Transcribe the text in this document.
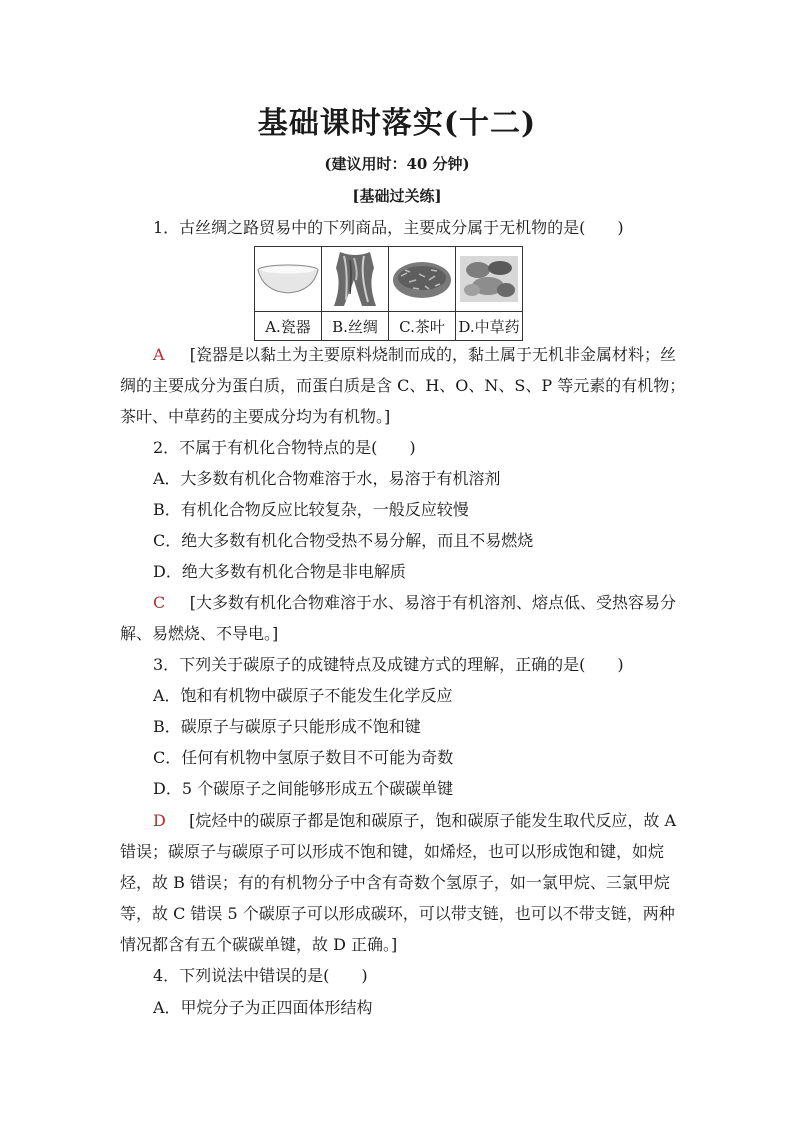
基础课时落实(十二)
(建议用时：40 分钟)
[基础过关练]
1．古丝绸之路贸易中的下列商品，主要成分属于无机物的是(　　)

A.瓷器	B.丝绸	C.茶叶	D.中草药
A	[瓷器是以黏土为主要原料烧制而成的，黏土属于无机非金属材料；丝
绸的主要成分为蛋白质，而蛋白质是含 C、H、O、N、S、P 等元素的有机物；
茶叶、中草药的主要成分均为有机物。]
2．不属于有机化合物特点的是(　　)
A．大多数有机化合物难溶于水，易溶于有机溶剂
B．有机化合物反应比较复杂，一般反应较慢
C．绝大多数有机化合物受热不易分解，而且不易燃烧
D．绝大多数有机化合物是非电解质
C	[大多数有机化合物难溶于水、易溶于有机溶剂、熔点低、受热容易分
解、易燃烧、不导电。]
3．下列关于碳原子的成键特点及成键方式的理解，正确的是(　　)
A．饱和有机物中碳原子不能发生化学反应
B．碳原子与碳原子只能形成不饱和键
C．任何有机物中氢原子数目不可能为奇数
D．5 个碳原子之间能够形成五个碳碳单键
D	[烷烃中的碳原子都是饱和碳原子，饱和碳原子能发生取代反应，故 A
错误；碳原子与碳原子可以形成不饱和键，如烯烃，也可以形成饱和键，如烷
烃，故 B 错误；有的有机物分子中含有奇数个氢原子，如一氯甲烷、三氯甲烷
等，故 C 错误 5 个碳原子可以形成碳环，可以带支链，也可以不带支链，两种
情况都含有五个碳碳单键，故 D 正确。]
4．下列说法中错误的是(　　)
A．甲烷分子为正四面体形结构
